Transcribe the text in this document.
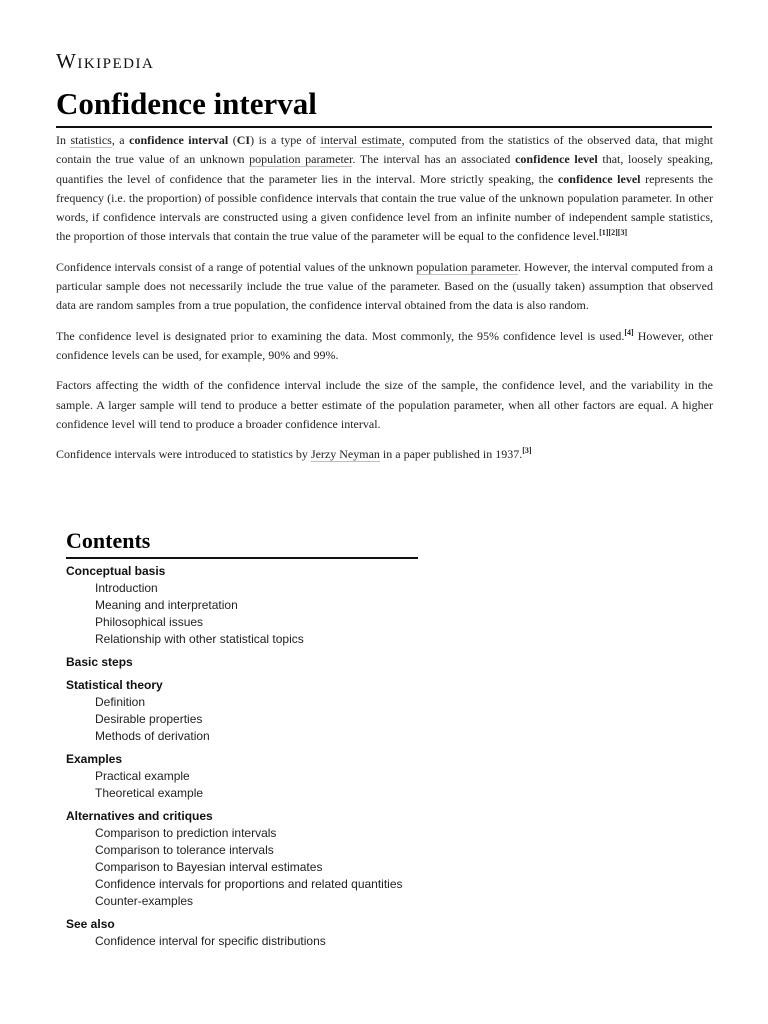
Wikipedia
Confidence interval

In statistics, a confidence interval (CI) is a type of interval estimate, computed from the statistics of the observed data, that might contain the true value of an unknown population parameter. The interval has an associated confidence level that, loosely speaking, quantifies the level of confidence that the parameter lies in the interval. More strictly speaking, the confidence level represents the frequency (i.e. the proportion) of possible confidence intervals that contain the true value of the unknown population parameter. In other words, if confidence intervals are constructed using a given confidence level from an infinite number of independent sample statistics, the proportion of those intervals that contain the true value of the parameter will be equal to the confidence level.[1][2][3]

Confidence intervals consist of a range of potential values of the unknown population parameter. However, the interval computed from a particular sample does not necessarily include the true value of the parameter. Based on the (usually taken) assumption that observed data are random samples from a true population, the confidence interval obtained from the data is also random.

The confidence level is designated prior to examining the data. Most commonly, the 95% confidence level is used.[4] However, other confidence levels can be used, for example, 90% and 99%.

Factors affecting the width of the confidence interval include the size of the sample, the confidence level, and the variability in the sample. A larger sample will tend to produce a better estimate of the population parameter, when all other factors are equal. A higher confidence level will tend to produce a broader confidence interval.

Confidence intervals were introduced to statistics by Jerzy Neyman in a paper published in 1937.[3]

Contents
Conceptual basis
Introduction
Meaning and interpretation
Philosophical issues
Relationship with other statistical topics
Basic steps
Statistical theory
Definition
Desirable properties
Methods of derivation
Examples
Practical example
Theoretical example
Alternatives and critiques
Comparison to prediction intervals
Comparison to tolerance intervals
Comparison to Bayesian interval estimates
Confidence intervals for proportions and related quantities
Counter-examples
See also
Confidence interval for specific distributions
